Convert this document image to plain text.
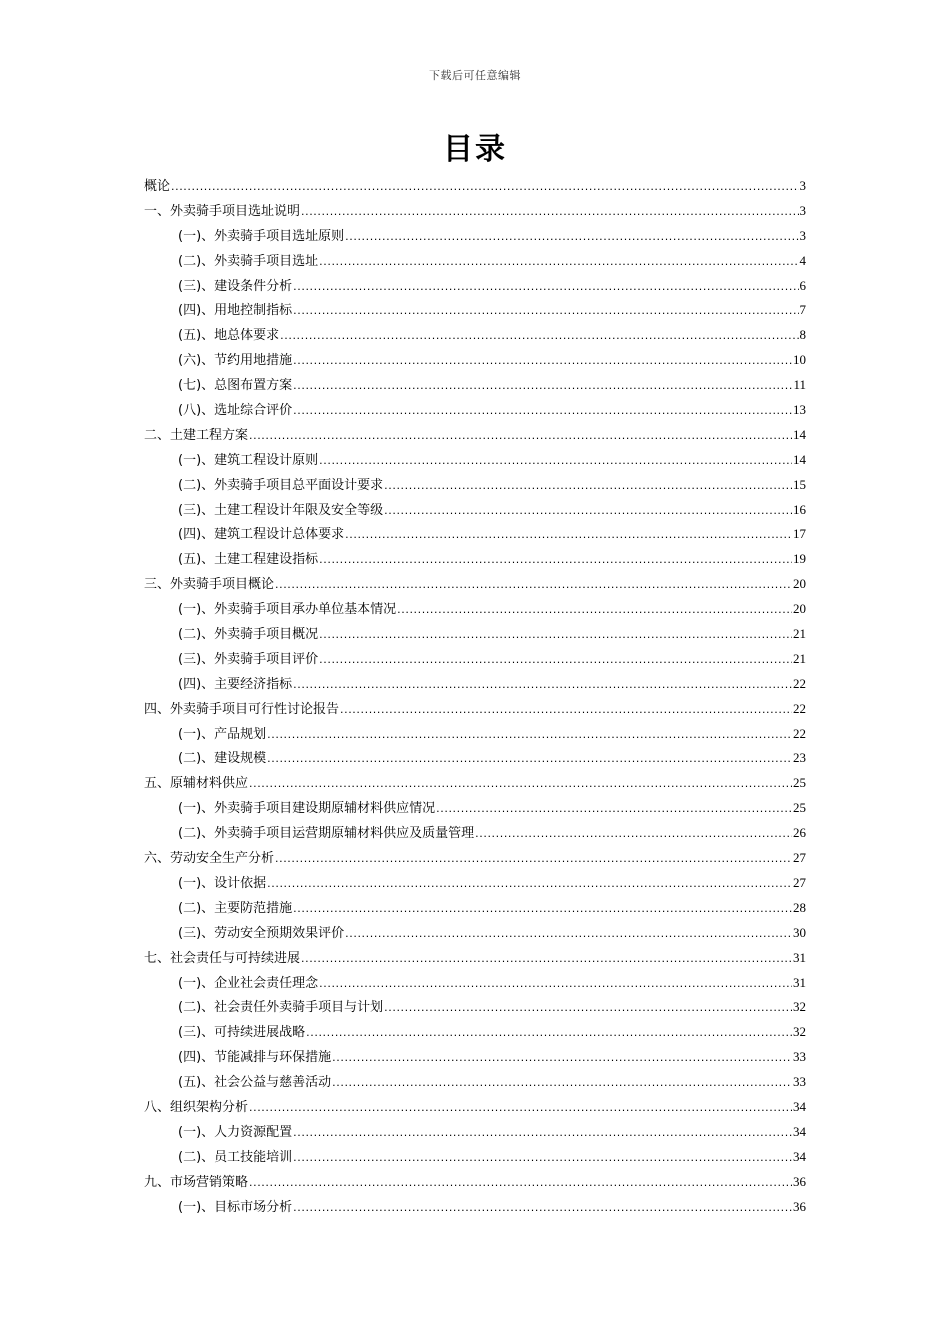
下载后可任意编辑
目录
概论 .....	3
一、外卖骑手项目选址说明 .....	3
(一)、外卖骑手项目选址原则 .....	3
(二)、外卖骑手项目选址 .....	4
(三)、建设条件分析 .....	6
(四)、用地控制指标 .....	7
(五)、地总体要求 .....	8
(六)、节约用地措施 .....	10
(七)、总图布置方案 .....	11
(八)、选址综合评价 .....	13
二、土建工程方案 .....	14
(一)、建筑工程设计原则 .....	14
(二)、外卖骑手项目总平面设计要求 .....	15
(三)、土建工程设计年限及安全等级 .....	16
(四)、建筑工程设计总体要求 .....	17
(五)、土建工程建设指标 .....	19
三、外卖骑手项目概论 .....	20
(一)、外卖骑手项目承办单位基本情况 .....	20
(二)、外卖骑手项目概况 .....	21
(三)、外卖骑手项目评价 .....	21
(四)、主要经济指标 .....	22
四、外卖骑手项目可行性讨论报告 .....	22
(一)、产品规划 .....	22
(二)、建设规模 .....	23
五、原辅材料供应 .....	25
(一)、外卖骑手项目建设期原辅材料供应情况 .....	25
(二)、外卖骑手项目运营期原辅材料供应及质量管理 .....	26
六、劳动安全生产分析 .....	27
(一)、设计依据 .....	27
(二)、主要防范措施 .....	28
(三)、劳动安全预期效果评价 .....	30
七、社会责任与可持续进展 .....	31
(一)、企业社会责任理念 .....	31
(二)、社会责任外卖骑手项目与计划 .....	32
(三)、可持续进展战略 .....	32
(四)、节能减排与环保措施 .....	33
(五)、社会公益与慈善活动 .....	33
八、组织架构分析 .....	34
(一)、人力资源配置 .....	34
(二)、员工技能培训 .....	34
九、市场营销策略 .....	36
(一)、目标市场分析 .....	36
